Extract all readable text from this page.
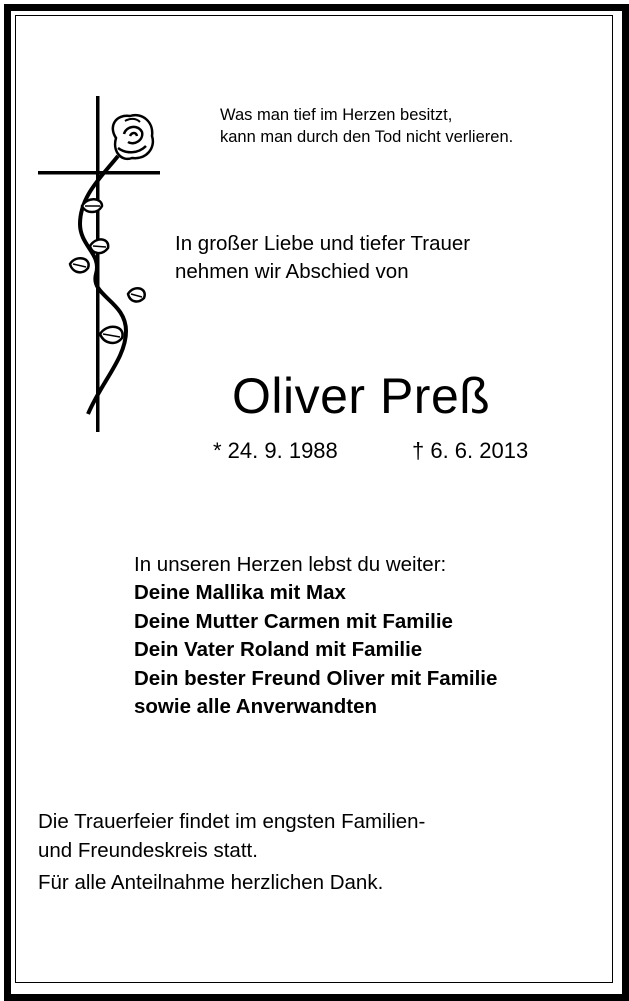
Was man tief im Herzen besitzt,
kann man durch den Tod nicht verlieren.

In großer Liebe und tiefer Trauer
nehmen wir Abschied von

Oliver Preß
* 24. 9. 1988	† 6. 6. 2013
In unseren Herzen lebst du weiter:
Deine Mallika mit Max
Deine Mutter Carmen mit Familie
Dein Vater Roland mit Familie
Dein bester Freund Oliver mit Familie
sowie alle Anverwandten

Die Trauerfeier findet im engsten Familien-
und Freundeskreis statt.

Für alle Anteilnahme herzlichen Dank.
